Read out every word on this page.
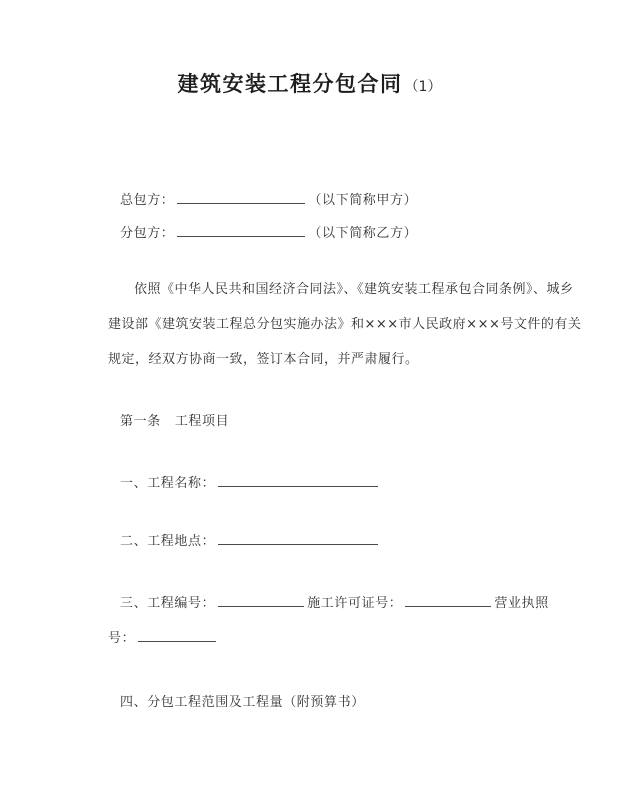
建筑安装工程分包合同 （1）
总包方：	（以下简称甲方）
分包方：	（以下简称乙方）
依照《中华人民共和国经济合同法》、《建筑安装工程承包合同条例》、城乡
建设部《建筑安装工程总分包实施办法》和×××市人民政府×××号文件的有关
规定，经双方协商一致，签订本合同，并严肃履行。
第一条 工程项目
一、工程名称：
二、工程地点：
三、工程编号：	施工许可证号：	营业执照
号：
四、分包工程范围及工程量（附预算书）
